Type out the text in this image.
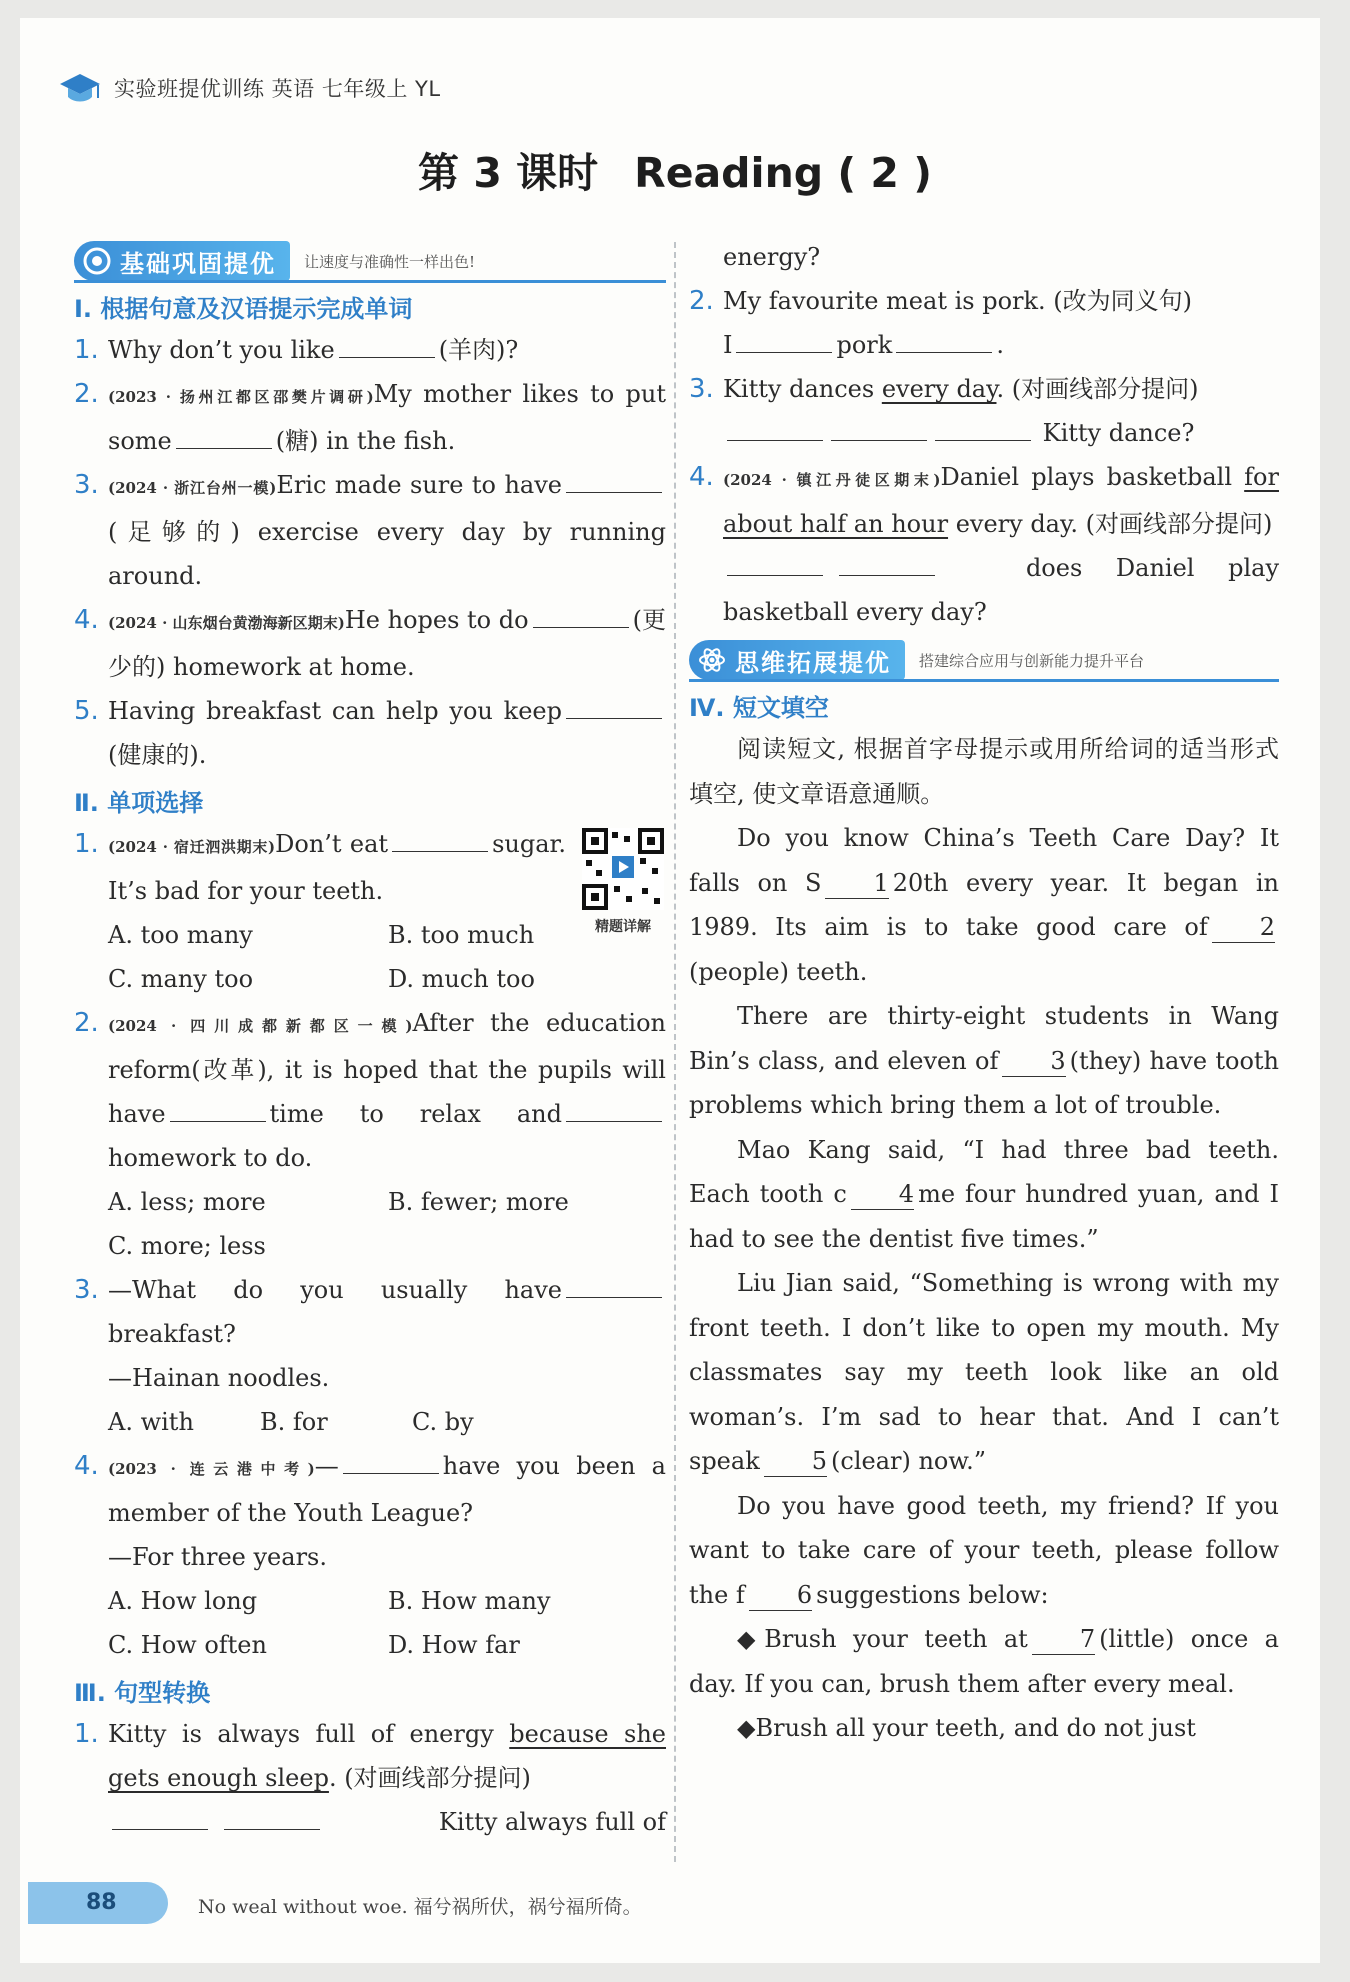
实验班提优训练 英语 七年级上 YL
第 3 课时 Reading ( 2 )
基础巩固提优 让速度与准确性一样出色!
Ⅰ. 根据句意及汉语提示完成单词
1. Why don’t you like	(羊肉)?
2. (2023 · 扬州江都区邵樊片调研)My mother likes to put some	(糖) in the fish.
3. (2024 · 浙江台州一模)Eric made sure to have(足够的) exercise every day by running around.
4. (2024 · 山东烟台黄渤海新区期末)He hopes to do	(更少的) homework at home.
5. Having breakfast can help you keep(健康的).
Ⅱ. 单项选择
精题详解
1. (2024 · 宿迁泗洪期末)Don’t eat	sugar. It’s bad for your teeth.
A. too many	B. too much
C. many too	D. much too
2. (2024 · 四川成都新都区一模)After the education reform(改革), it is hoped that the pupils will have	time to relax andhomework to do.
A. less; more	B. fewer; more
C. more; less
3. —What do you usually havebreakfast?
—Hainan noodles.
A. with	B. for	C. by
4. (2023 · 连云港中考)—	have you been a member of the Youth League?
—For three years.
A. How long	B. How many
C. How often	D. How far
Ⅲ. 句型转换
1. Kitty is always full of energy because she gets enough sleep. (对画线部分提问)

Kitty always full of
energy?
2. My favourite meat is pork. (改为同义句)
I	pork	.
3. Kitty dances every day. (对画线部分提问)
Kitty dance?
4. (2024 · 镇江丹徒区期末)Daniel plays basketball for about half an hour every day. (对画线部分提问)

does Daniel play
basketball every day?
思维拓展提优 搭建综合应用与创新能力提升平台
Ⅳ. 短文填空
阅读短文, 根据首字母提示或用所给词的适当形式填空, 使文章语意通顺。
Do you know China’s Teeth Care Day? It falls on S 1 20th every year. It began in 1989. Its aim is to take good care of 2(people) teeth.
There are thirty-eight students in Wang Bin’s class, and eleven of 3 (they) have tooth problems which bring them a lot of trouble.
Mao Kang said, “I had three bad teeth. Each tooth c 4 me four hundred yuan, and I had to see the dentist five times.”
Liu Jian said, “Something is wrong with my front teeth. I don’t like to open my mouth. My classmates say my teeth look like an old woman’s. I’m sad to hear that. And I can’t speak 5 (clear) now.”
Do you have good teeth, my friend? If you want to take care of your teeth, please follow the f 6 suggestions below:
◆Brush your teeth at 7 (little) once a day. If you can, brush them after every meal.
◆Brush all your teeth, and do not just
88	No weal without woe. 福兮祸所伏，祸兮福所倚。
